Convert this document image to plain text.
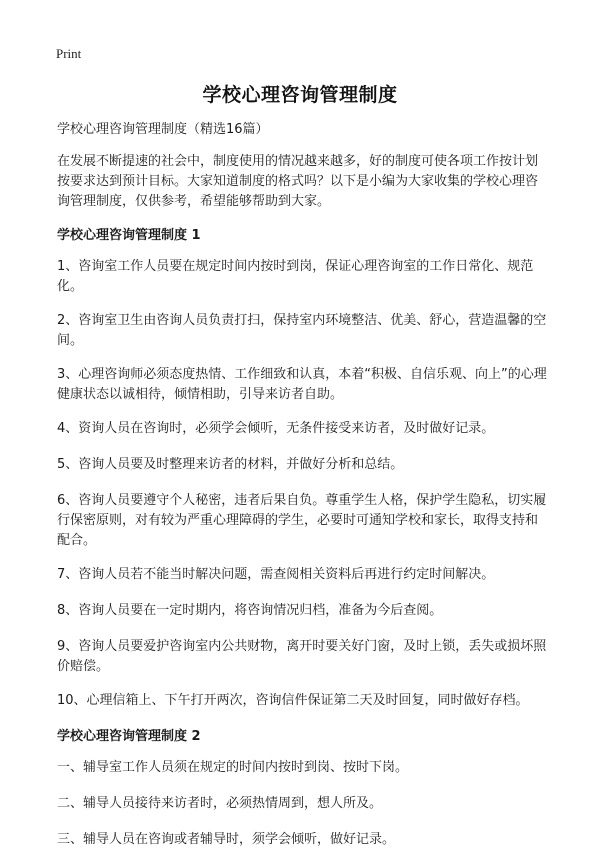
Print
学校心理咨询管理制度

学校心理咨询管理制度（精选16篇）

在发展不断提速的社会中，制度使用的情况越来越多，好的制度可使各项工作按计划按要求达到预计目标。大家知道制度的格式吗？以下是小编为大家收集的学校心理咨询管理制度，仅供参考，希望能够帮助到大家。

学校心理咨询管理制度 1

1、咨询室工作人员要在规定时间内按时到岗，保证心理咨询室的工作日常化、规范化。

2、咨询室卫生由咨询人员负责打扫，保持室内环境整洁、优美、舒心，营造温馨的空间。

3、心理咨询师必须态度热情、工作细致和认真，本着“积极、自信乐观、向上”的心理健康状态以诚相待，倾情相助，引导来访者自助。

4、资询人员在咨询时，必须学会倾听，无条件接受来访者，及时做好记录。

5、咨询人员要及时整理来访者的材料，并做好分析和总结。

6、咨询人员要遵守个人秘密，违者后果自负。尊重学生人格，保护学生隐私，切实履行保密原则，对有较为严重心理障碍的学生，必要时可通知学校和家长，取得支持和配合。

7、咨询人员若不能当时解决问题，需查阅相关资料后再进行约定时间解决。

8、咨询人员要在一定时期内，将咨询情况归档，准备为今后查阅。

9、咨询人员要爱护咨询室内公共财物，离开时要关好门窗，及时上锁，丢失或损坏照价赔偿。

10、心理信箱上、下午打开两次，咨询信件保证第二天及时回复，同时做好存档。

学校心理咨询管理制度 2

一、辅导室工作人员须在规定的时间内按时到岗、按时下岗。

二、辅导人员接待来访者时，必须热情周到，想人所及。

三、辅导人员在咨询或者辅导时，须学会倾听，做好记录。
